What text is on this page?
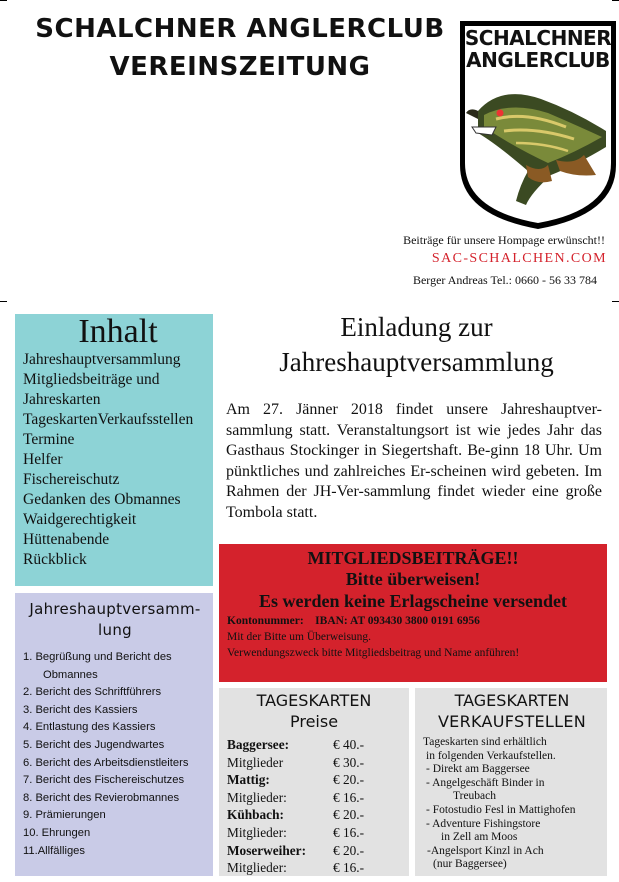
SCHALCHNER ANGLERCLUB
VEREINSZEITUNG
SCHALCHNER
ANGLERCLUB
Beiträge für unsere Hompage erwünscht!!
SAC-SCHALCHEN.COM
Berger Andreas Tel.: 0660 - 56 33 784
Inhalt
Jahreshauptversammlung
Mitgliedsbeiträge und
Jahreskarten
TageskartenVerkaufsstellen
Termine
Helfer
Fischereischutz
Gedanken des Obmannes
Waidgerechtigkeit
Hüttenabende
Rückblick
Jahreshauptversamm-
lung
1. Begrüßung und Bericht des
Obmannes
2. Bericht des Schriftführers
3. Bericht des Kassiers
4. Entlastung des Kassiers
5. Bericht des Jugendwartes
6. Bericht des Arbeitsdienstleiters
7. Bericht des Fischereischutzes
8. Bericht des Revierobmannes
9. Prämierungen
10. Ehrungen
11.Allfälliges
Einladung zur
Jahreshauptversammlung
Am 27. Jänner 2018 findet unsere Jahreshauptver-sammlung statt. Veranstaltungsort ist wie jedes Jahr das Gasthaus Stockinger in Siegertshaft. Be-ginn 18 Uhr. Um pünktliches und zahlreiches Er-scheinen wird gebeten. Im Rahmen der JH-Ver-sammlung findet wieder eine große Tombola statt.
MITGLIEDSBEITRÄGE!!
Bitte überweisen!
Es werden keine Erlagscheine versendet
Kontonummer: IBAN: AT 093430 3800 0191 6956
Mit der Bitte um Überweisung.
Verwendungszweck bitte Mitgliedsbeitrag und Name anführen!
TAGESKARTEN
Preise
Baggersee:	€ 40.-
Mitglieder	€ 30.-
Mattig:	€ 20.-
Mitglieder:	€ 16.-
Kühbach:	€ 20.-
Mitglieder:	€ 16.-
Moserweiher:	€ 20.-
Mitglieder:	€ 16.-
TAGESKARTEN
VERKAUFSTELLEN
Tageskarten sind erhältlich
in folgenden Verkaufstellen.
- Direkt am Baggersee
- Angelgeschäft Binder in
Treubach
- Fotostudio Fesl in Mattighofen
- Adventure Fishingstore
in Zell am Moos
-Angelsport Kinzl in Ach
(nur Baggersee)
